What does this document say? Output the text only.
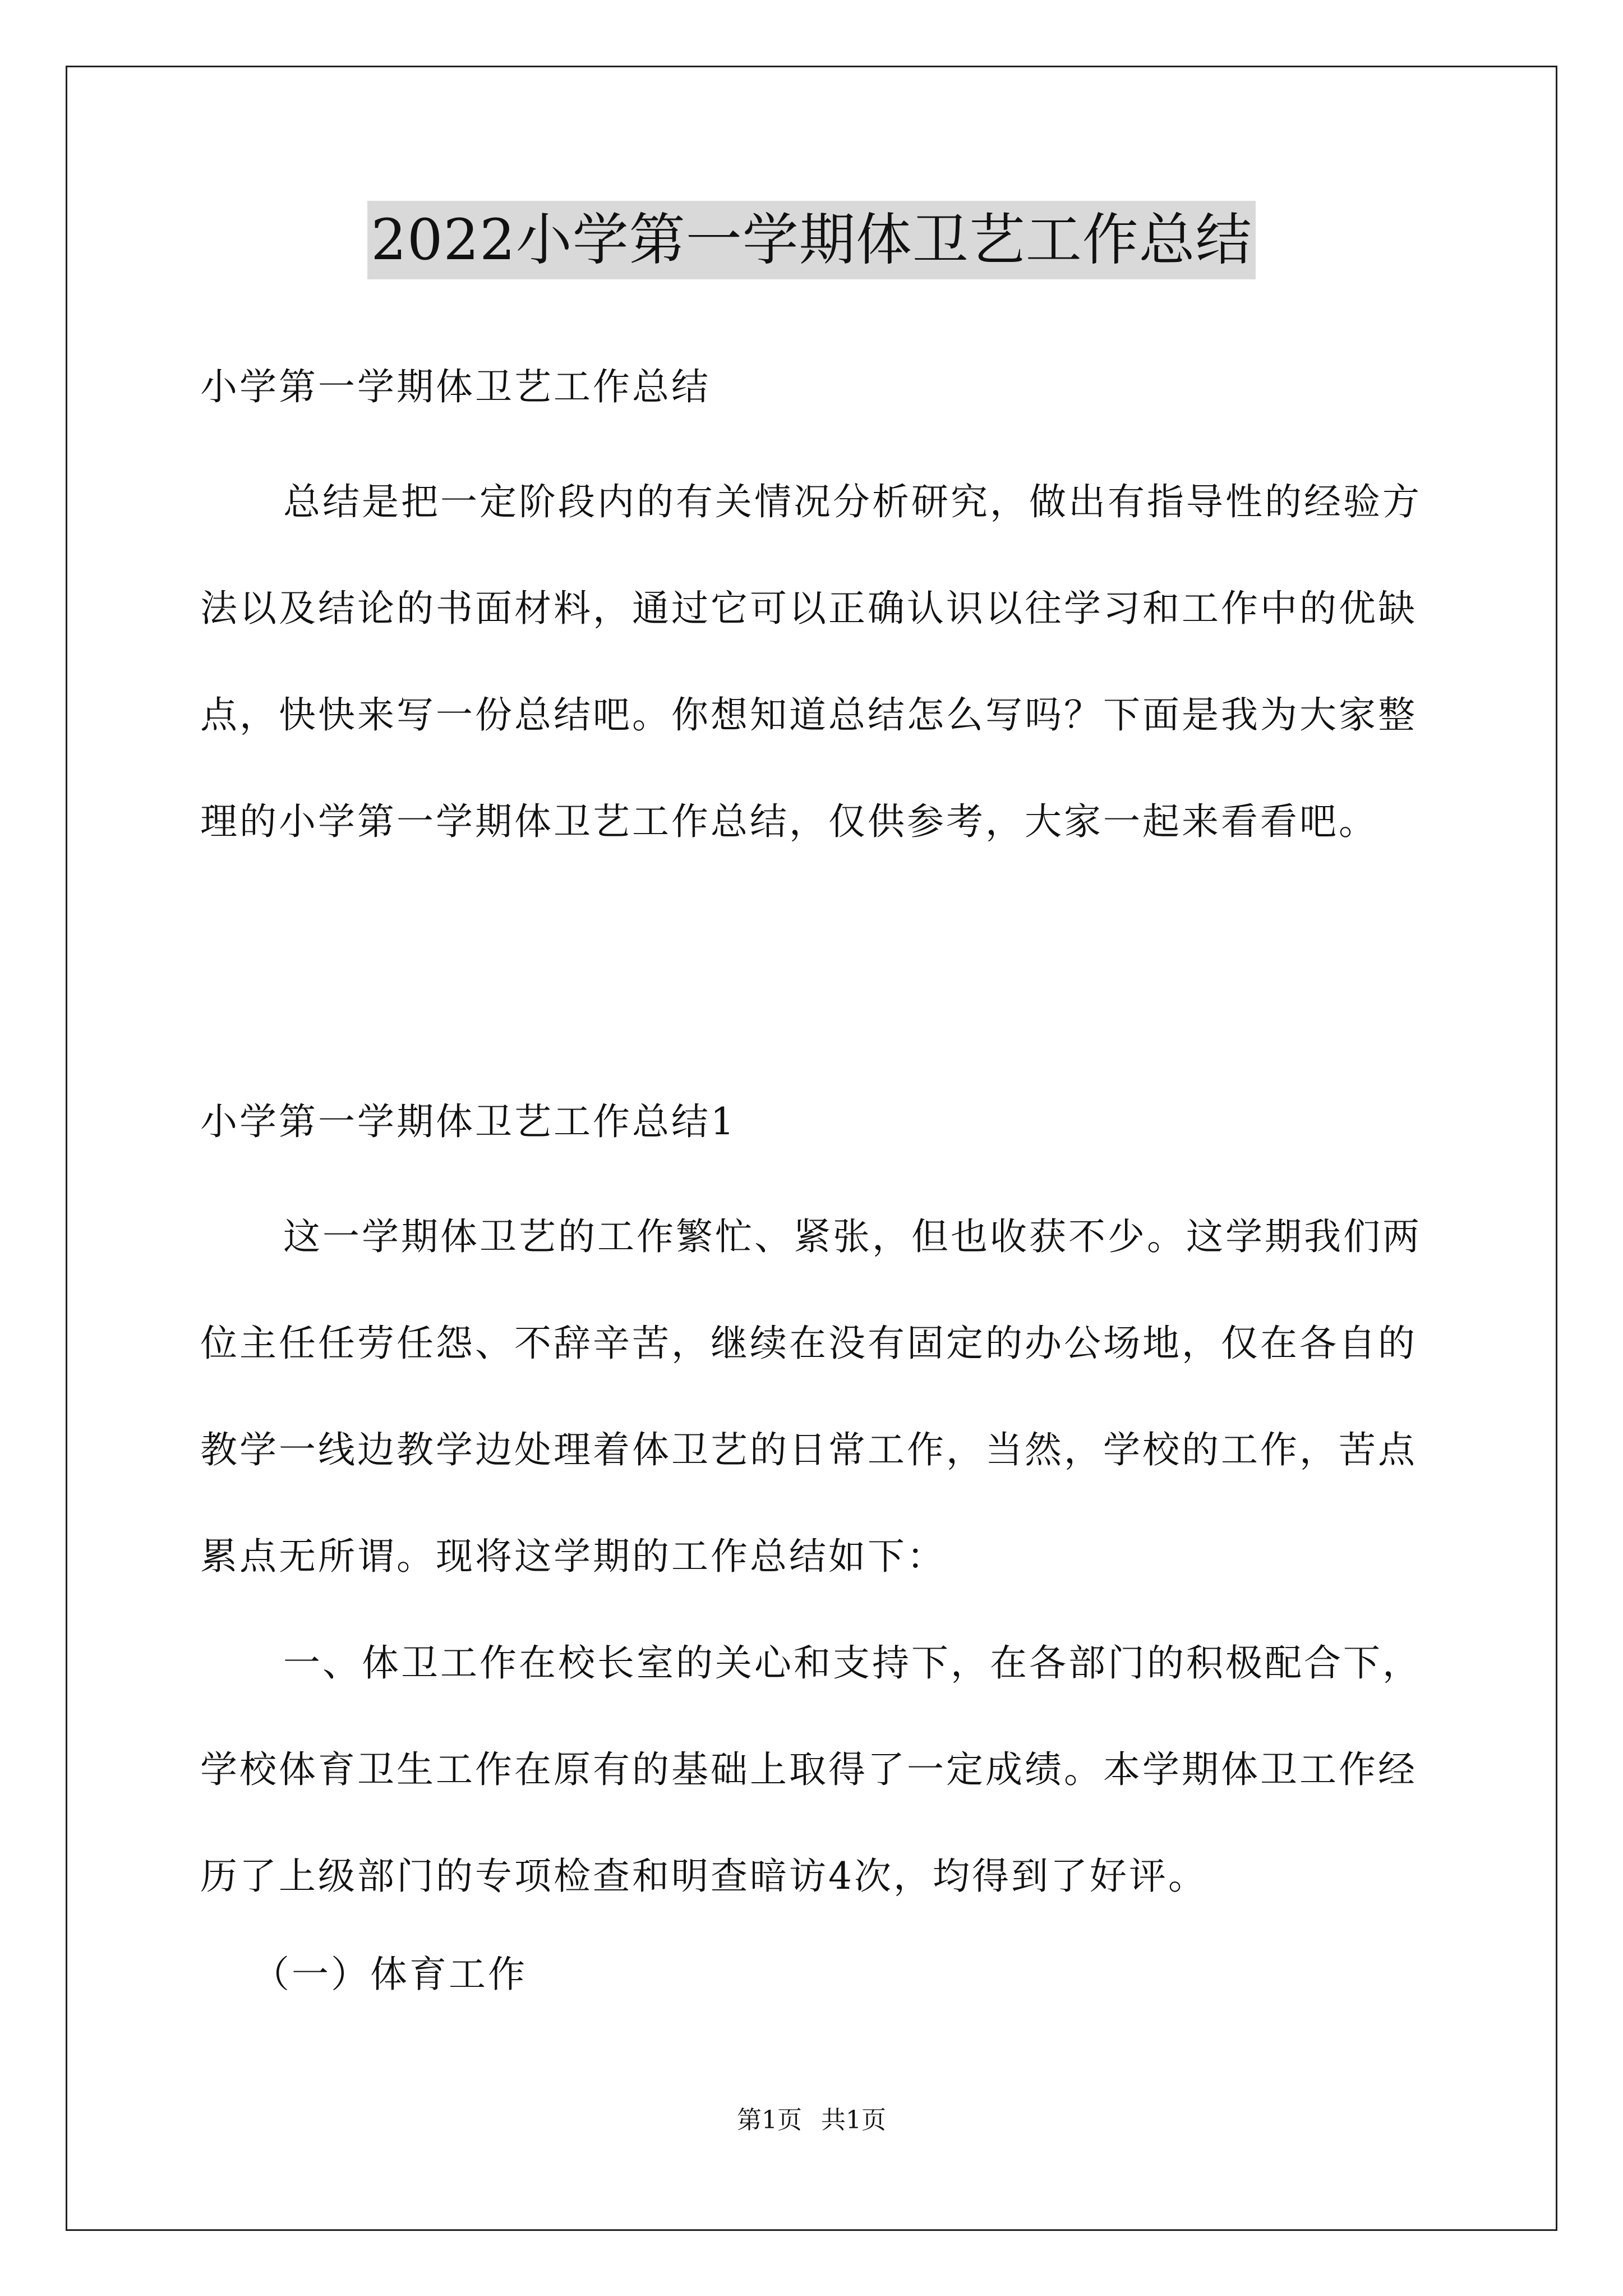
2022小学第一学期体卫艺工作总结
小学第一学期体卫艺工作总结

总结是把一定阶段内的有关情况分析研究，做出有指导性的经验方法以及结论的书面材料，通过它可以正确认识以往学习和工作中的优缺点，快快来写一份总结吧。你想知道总结怎么写吗？下面是我为大家整理的小学第一学期体卫艺工作总结，仅供参考，大家一起来看看吧。

小学第一学期体卫艺工作总结1

这一学期体卫艺的工作繁忙、紧张，但也收获不少。这学期我们两位主任任劳任怨、不辞辛苦，继续在没有固定的办公场地，仅在各自的教学一线边教学边处理着体卫艺的日常工作，当然，学校的工作，苦点累点无所谓。现将这学期的工作总结如下：

一、体卫工作在校长室的关心和支持下，在各部门的积极配合下，学校体育卫生工作在原有的基础上取得了一定成绩。本学期体卫工作经历了上级部门的专项检查和明查暗访4次，均得到了好评。

（一）体育工作
第1页 共1页
